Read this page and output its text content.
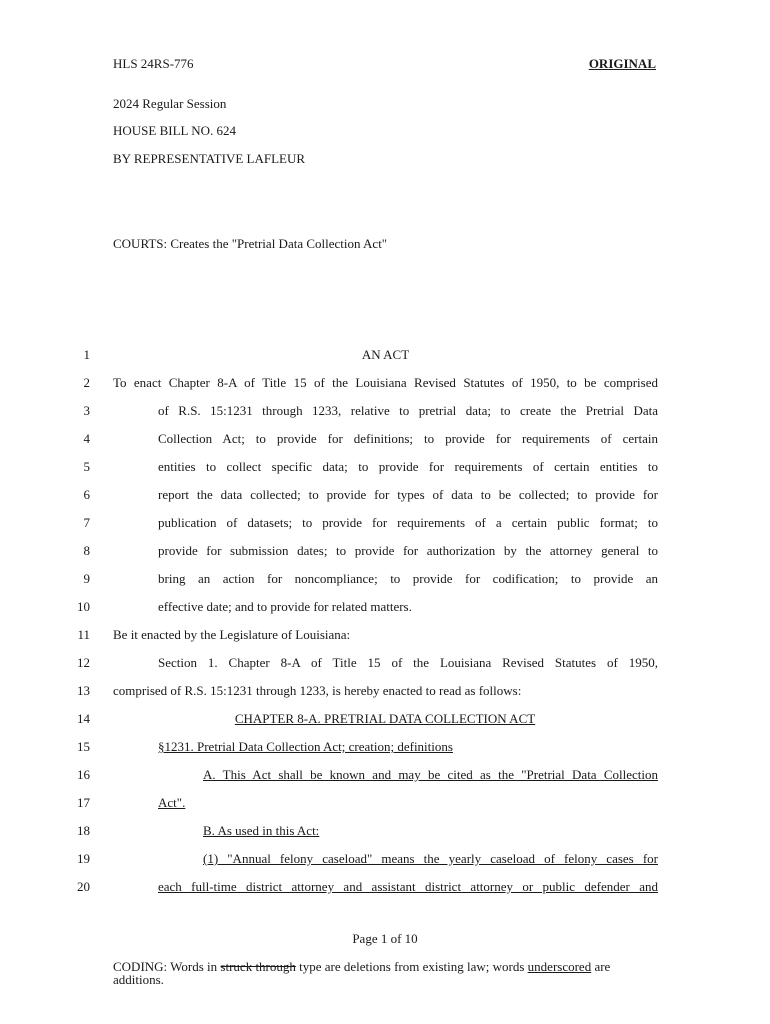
HLS 24RS-776	ORIGINAL
2024 Regular Session
HOUSE BILL NO. 624
BY REPRESENTATIVE LAFLEUR
COURTS: Creates the "Pretrial Data Collection Act"
1	AN ACT
2 To enact Chapter 8-A of Title 15 of the Louisiana Revised Statutes of 1950, to be comprised
3	of R.S. 15:1231 through 1233, relative to pretrial data; to create the Pretrial Data
4	Collection Act; to provide for definitions; to provide for requirements of certain
5	entities to collect specific data; to provide for requirements of certain entities to
6	report the data collected; to provide for types of data to be collected; to provide for
7	publication of datasets; to provide for requirements of a certain public format; to
8	provide for submission dates; to provide for authorization by the attorney general to
9	bring an action for noncompliance; to provide for codification; to provide an
10	effective date; and to provide for related matters.
11 Be it enacted by the Legislature of Louisiana:
12	Section 1. Chapter 8-A of Title 15 of the Louisiana Revised Statutes of 1950,
13 comprised of R.S. 15:1231 through 1233, is hereby enacted to read as follows:
14	CHAPTER 8-A. PRETRIAL DATA COLLECTION ACT
15	§1231. Pretrial Data Collection Act; creation; definitions
16	A. This Act shall be known and may be cited as the "Pretrial Data Collection
17	Act".
18	B. As used in this Act:
19	(1) "Annual felony caseload" means the yearly caseload of felony cases for
20	each full-time district attorney and assistant district attorney or public defender and
Page 1 of 10
CODING: Words in struck through type are deletions from existing law; words underscored are additions.
